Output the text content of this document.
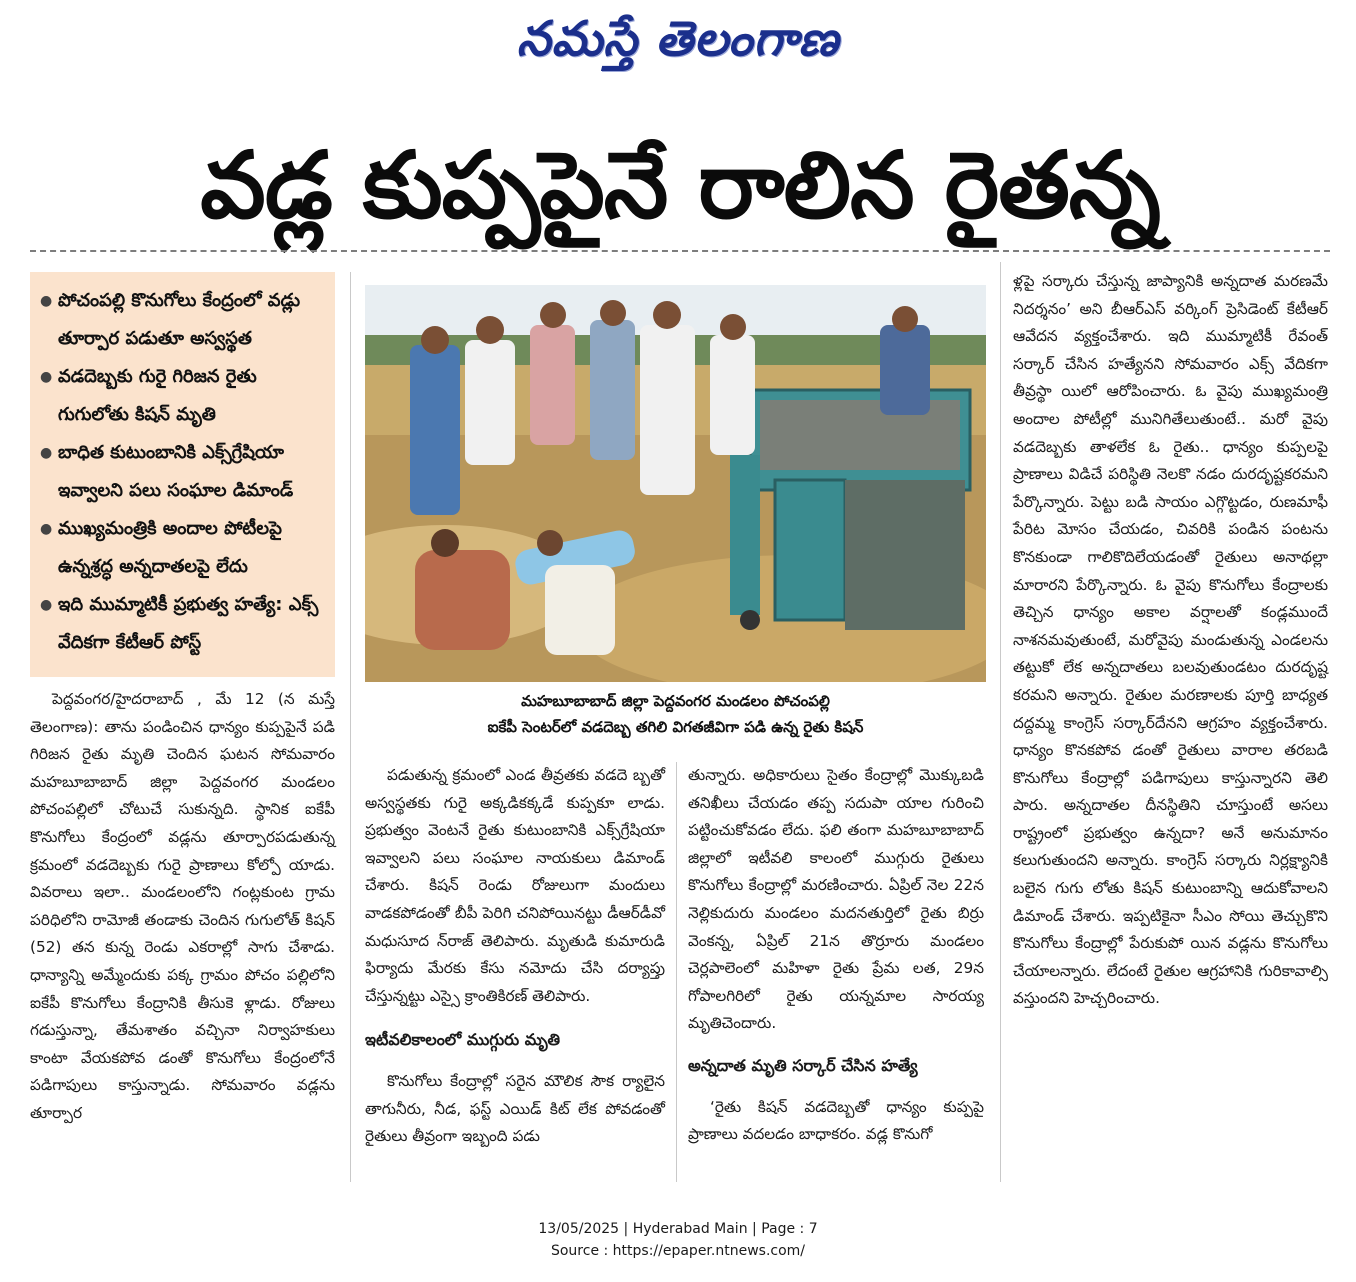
నమస్తే తెలంగాణ
వడ్ల కుప్పపైనే రాలిన రైతన్న
● పోచంపల్లి కొనుగోలు కేంద్రంలో వడ్లు తూర్పార పడుతూ అస్వస్థత
● వడదెబ్బకు గురై గిరిజన రైతు గుగులోతు కిషన్ మృతి
● బాధిత కుటుంబానికి ఎక్స్‌గ్రేషియా ఇవ్వాలని పలు సంఘాల డిమాండ్
● ముఖ్యమంత్రికి అందాల పోటీలపై ఉన్నశ్రద్ధ అన్నదాతలపై లేదు
● ఇది ముమ్మాటికీ ప్రభుత్వ హత్యే: ఎక్స్ వేదికగా కేటీఆర్ పోస్ట్
మహబూబాబాద్ జిల్లా పెద్దవంగర మండలం పోచంపల్లి
ఐకేపీ సెంటర్‌లో వడదెబ్బ తగిలి విగతజీవిగా పడి ఉన్న రైతు కిషన్

పెద్దవంగర/హైదరాబాద్ , మే 12 (న మస్తే తెలంగాణ): తాను పండించిన ధాన్యం కుప్పపైనే పడి గిరిజన రైతు మృతి చెందిన ఘటన సోమవారం మహబూబాబాద్ జిల్లా పెద్దవంగర మండలం పోచంపల్లిలో చోటుచే సుకున్నది. స్థానిక ఐకేపీ కొనుగోలు కేంద్రంలో వడ్లను తూర్పారపడుతున్న క్రమంలో వడదెబ్బకు గురై ప్రాణాలు కోల్పో యాడు. వివరాలు ఇలా.. మండలంలోని గంట్లకుంట గ్రామ పరిధిలోని రామోజీ తండాకు చెందిన గుగులోత్ కిషన్ (52) తన కున్న రెండు ఎకరాల్లో సాగు చేశాడు. ధాన్యాన్ని అమ్మేందుకు పక్క గ్రామం పోచం పల్లిలోని ఐకేపీ కొనుగోలు కేంద్రానికి తీసుకె ళ్లాడు. రోజులు గడుస్తున్నా, తేమశాతం వచ్చినా నిర్వాహకులు కాంటా వేయకపోవ డంతో కొనుగోలు కేంద్రంలోనే పడిగాపులు కాస్తున్నాడు. సోమవారం వడ్లను తూర్పార

పడుతున్న క్రమంలో ఎండ తీవ్రతకు వడదె బ్బతో అస్వస్థతకు గురై అక్కడికక్కడే కుప్పకూ లాడు. ప్రభుత్వం వెంటనే రైతు కుటుంబానికి ఎక్స్‌గ్రేషియా ఇవ్వాలని పలు సంఘాల నాయకులు డిమాండ్ చేశారు. కిషన్ రెండు రోజులుగా మందులు వాడకపోడంతో బీపీ పెరిగి చనిపోయినట్టు డీఆర్‌డీవో మధుసూద న్‌రాజ్ తెలిపారు. మృతుడి కుమారుడి ఫిర్యాదు మేరకు కేసు నమోదు చేసి దర్యాప్తు చేస్తున్నట్టు ఎస్సై క్రాంతికిరణ్ తెలిపారు.

ఇటీవలికాలంలో ముగ్గురు మృతి

కొనుగోలు కేంద్రాల్లో సరైన మౌలిక సౌక ర్యాలైన తాగునీరు, నీడ, ఫస్ట్ ఎయిడ్ కిట్ లేక పోవడంతో రైతులు తీవ్రంగా ఇబ్బంది పడు

తున్నారు. అధికారులు సైతం కేంద్రాల్లో మొక్కుబడి తనిఖీలు చేయడం తప్ప సదుపా యాల గురించి పట్టించుకోవడం లేదు. ఫలి తంగా మహబూబాబాద్ జిల్లాలో ఇటీవలి కాలంలో ముగ్గురు రైతులు కొనుగోలు కేంద్రాల్లో మరణించారు. ఏప్రిల్ నెల 22న నెల్లికుదురు మండలం మదనతుర్తిలో రైతు బిర్రు వెంకన్న, ఏప్రిల్ 21న తొర్రూరు మండలం చెర్లపాలెంలో మహిళా రైతు ప్రేమ లత, 29న గోపాలగిరిలో రైతు యన్నమాల సారయ్య మృతిచెందారు.

అన్నదాత మృతి సర్కార్ చేసిన హత్యే

‘రైతు కిషన్ వడదెబ్బతో ధాన్యం కుప్పపై ప్రాణాలు వదలడం బాధాకరం. వడ్ల కొనుగో

ళ్లపై సర్కారు చేస్తున్న జాప్యానికి అన్నదాత మరణమే నిదర్శనం’ అని బీఆర్‌ఎస్ వర్కింగ్ ప్రెసిడెంట్ కేటీఆర్ ఆవేదన వ్యక్తంచేశారు. ఇది ముమ్మాటికీ రేవంత్ సర్కార్ చేసిన హత్యేనని సోమవారం ఎక్స్ వేదికగా తీవ్రస్థా యిలో ఆరోపించారు. ఓ వైపు ముఖ్యమంత్రి అందాల పోటీల్లో మునిగితేలుతుంటే.. మరో వైపు వడదెబ్బకు తాళలేక ఓ రైతు.. ధాన్యం కుప్పలపై ప్రాణాలు విడిచే పరిస్థితి నెలకొ నడం దురదృష్టకరమని పేర్కొన్నారు. పెట్టు బడి సాయం ఎగ్గొట్టడం, రుణమాఫీ పేరిట మోసం చేయడం, చివరికి పండిన పంటను కొనకుండా గాలికొదిలేయడంతో రైతులు అనాథల్లా మారారని పేర్కొన్నారు. ఓ వైపు కొనుగోలు కేంద్రాలకు తెచ్చిన ధాన్యం అకాల వర్షాలతో కండ్లముందే నాశనమవుతుంటే, మరోవైపు మండుతున్న ఎండలను తట్టుకో లేక అన్నదాతలు బలవుతుండటం దురదృష్ట కరమని అన్నారు. రైతుల మరణాలకు పూర్తి బాధ్యత దద్దమ్మ కాంగ్రెస్ సర్కార్‌దేనని ఆగ్రహం వ్యక్తంచేశారు. ధాన్యం కొనకపోవ డంతో రైతులు వారాల తరబడి కొనుగోలు కేంద్రాల్లో పడిగాపులు కాస్తున్నారని తెలి పారు. అన్నదాతల దీనస్థితిని చూస్తుంటే అసలు రాష్ట్రంలో ప్రభుత్వం ఉన్నదా? అనే అనుమానం కలుగుతుందని అన్నారు. కాంగ్రెస్ సర్కారు నిర్లక్ష్యానికి బలైన గుగు లోతు కిషన్ కుటుంబాన్ని ఆదుకోవాలని డిమాండ్ చేశారు. ఇప్పటికైనా సీఎం సోయి తెచ్చుకొని కొనుగోలు కేంద్రాల్లో పేరుకుపో యిన వడ్లను కొనుగోలు చేయాలన్నారు. లేదంటే రైతుల ఆగ్రహానికి గురికావాల్సి వస్తుందని హెచ్చరించారు.

13/05/2025 | Hyderabad Main | Page : 7
Source : https://epaper.ntnews.com/
